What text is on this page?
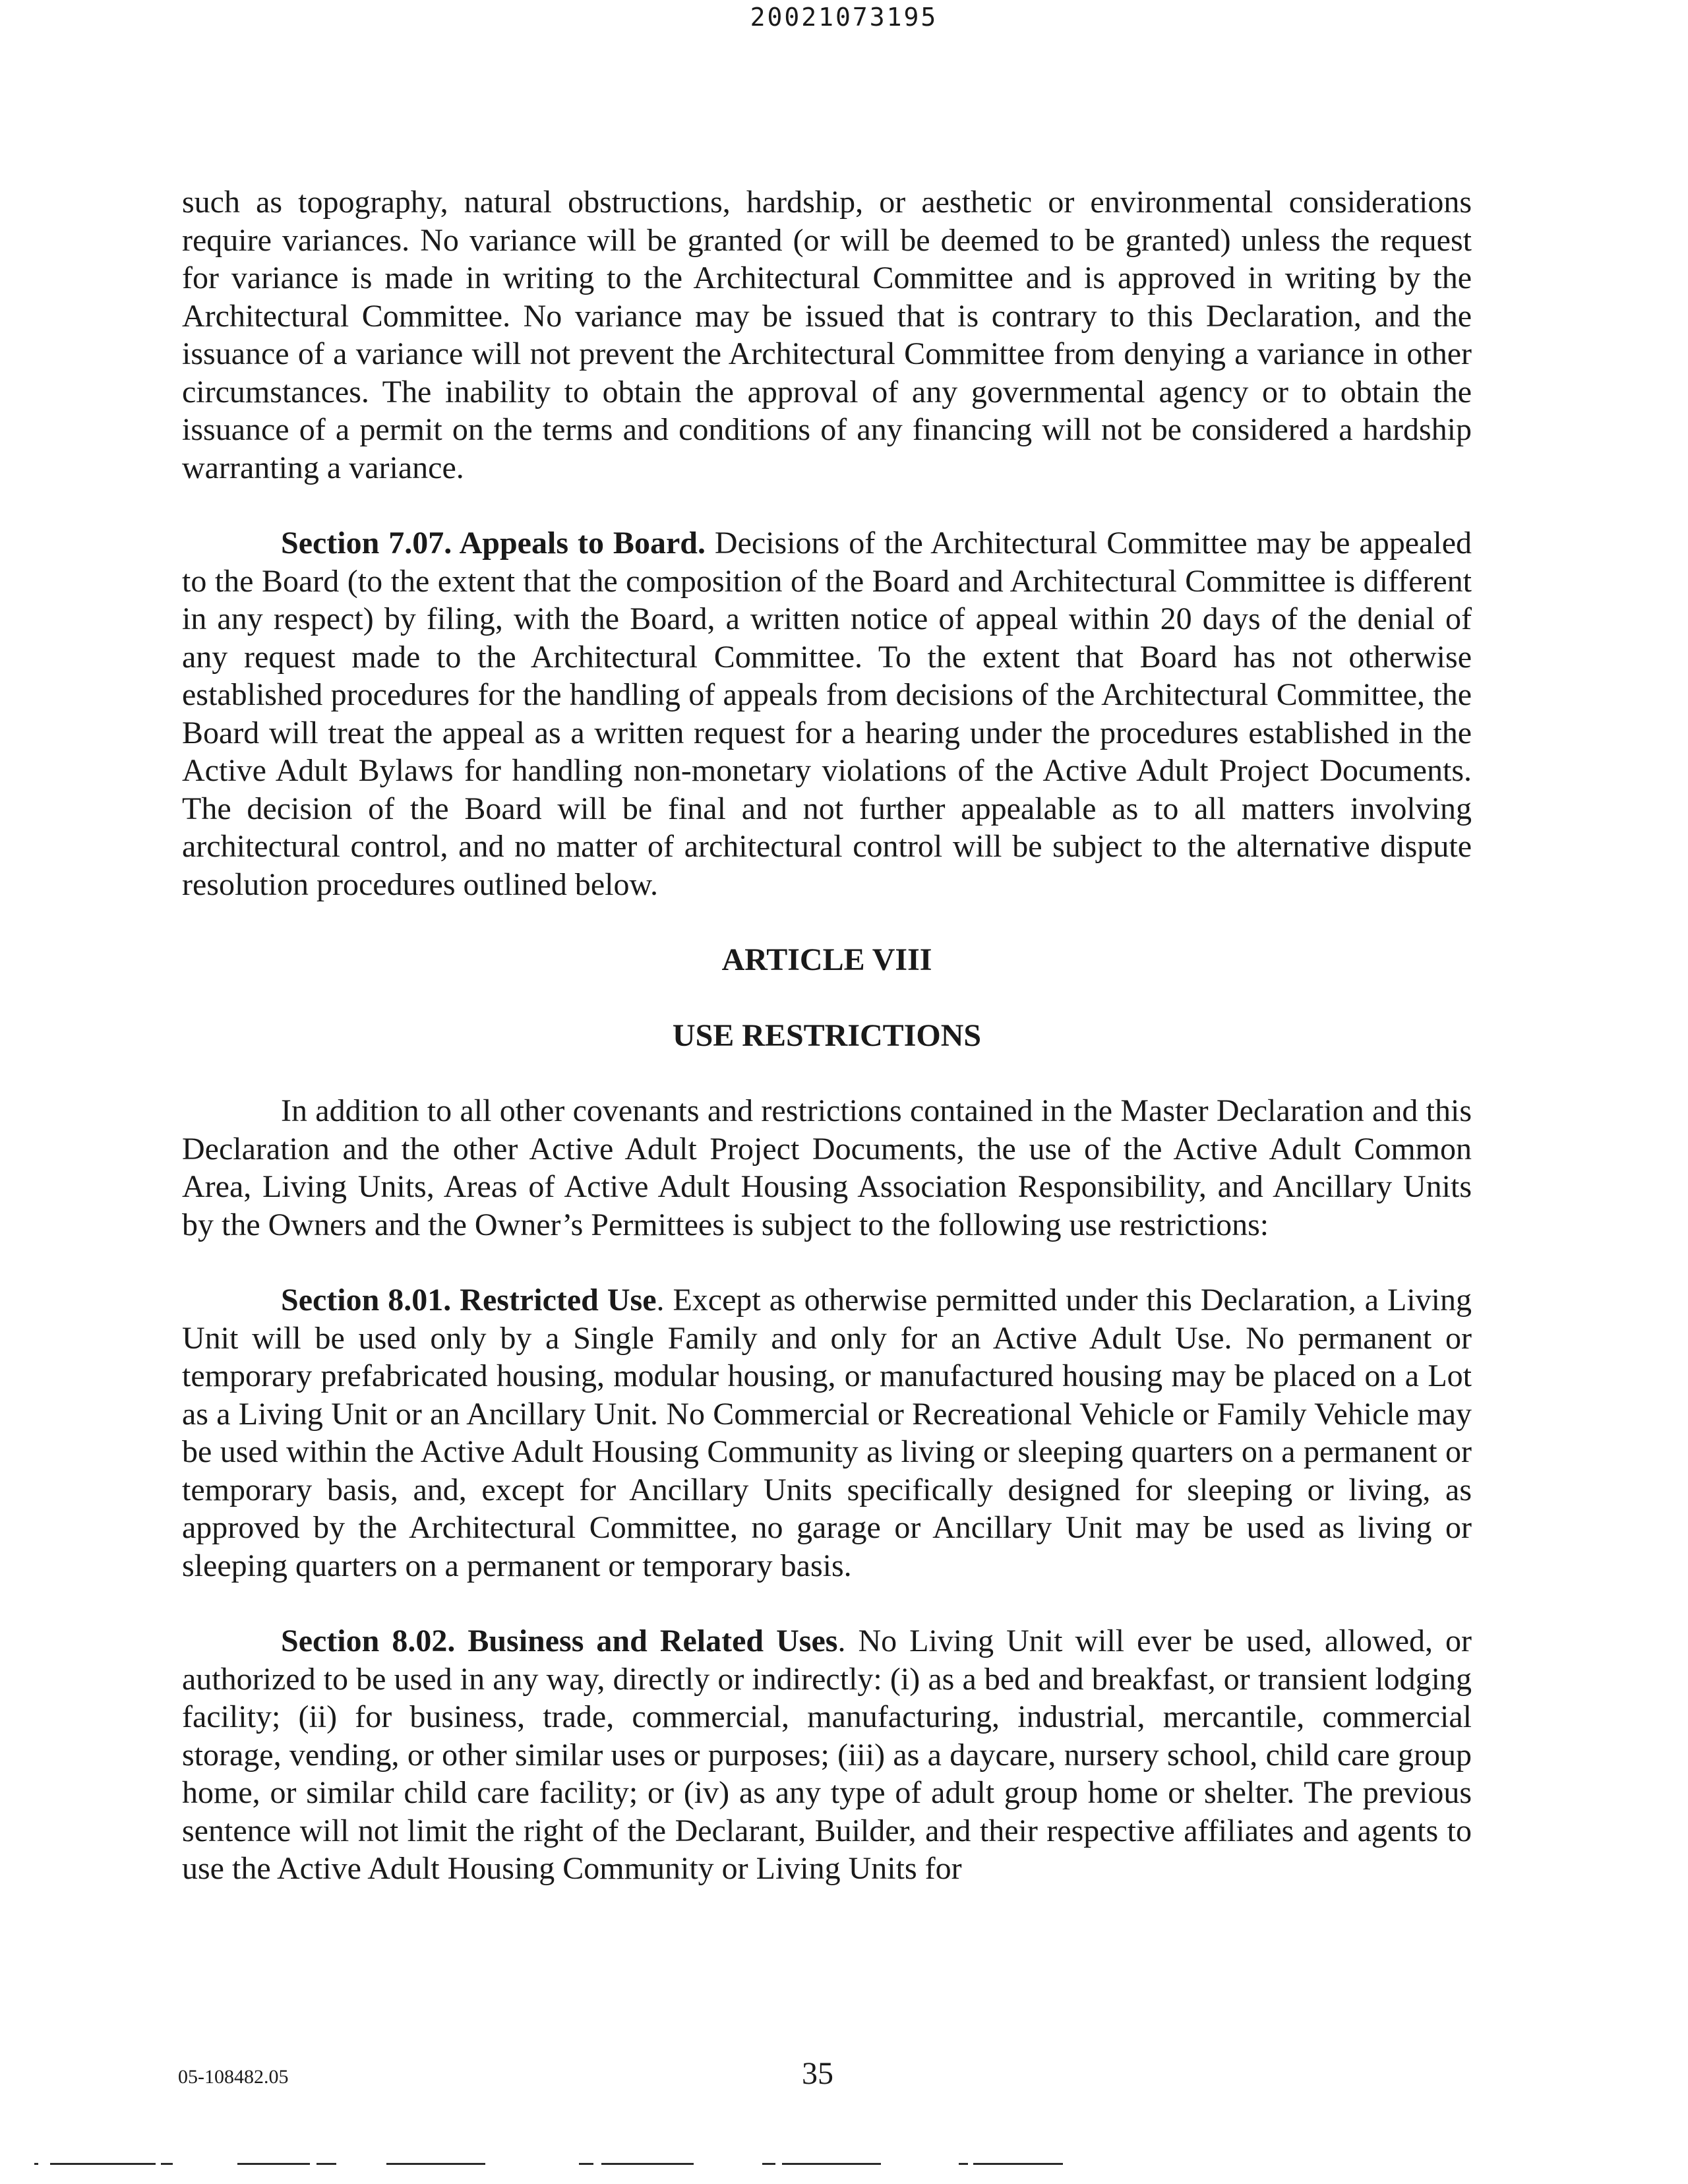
20021073195

such as topography, natural obstructions, hardship, or aesthetic or environmental considerations require variances. No variance will be granted (or will be deemed to be granted) unless the request for variance is made in writing to the Architectural Committee and is approved in writing by the Architectural Committee. No variance may be issued that is contrary to this Declaration, and the issuance of a variance will not prevent the Architectural Committee from denying a variance in other circumstances. The inability to obtain the approval of any governmental agency or to obtain the issuance of a permit on the terms and conditions of any financing will not be considered a hardship warranting a variance.

Section 7.07. Appeals to Board. Decisions of the Architectural Committee may be appealed to the Board (to the extent that the composition of the Board and Architectural Committee is different in any respect) by filing, with the Board, a written notice of appeal within 20 days of the denial of any request made to the Architectural Committee. To the extent that Board has not otherwise established procedures for the handling of appeals from decisions of the Architectural Committee, the Board will treat the appeal as a written request for a hearing under the procedures established in the Active Adult Bylaws for handling non-monetary violations of the Active Adult Project Documents. The decision of the Board will be final and not further appealable as to all matters involving architectural control, and no matter of architectural control will be subject to the alternative dispute resolution procedures outlined below.

ARTICLE VIII

USE RESTRICTIONS

In addition to all other covenants and restrictions contained in the Master Declaration and this Declaration and the other Active Adult Project Documents, the use of the Active Adult Common Area, Living Units, Areas of Active Adult Housing Association Responsibility, and Ancillary Units by the Owners and the Owner’s Permittees is subject to the following use restrictions:

Section 8.01. Restricted Use. Except as otherwise permitted under this Declaration, a Living Unit will be used only by a Single Family and only for an Active Adult Use. No permanent or temporary prefabricated housing, modular housing, or manufactured housing may be placed on a Lot as a Living Unit or an Ancillary Unit. No Commercial or Recreational Vehicle or Family Vehicle may be used within the Active Adult Housing Community as living or sleeping quarters on a permanent or temporary basis, and, except for Ancillary Units specifically designed for sleeping or living, as approved by the Architectural Committee, no garage or Ancillary Unit may be used as living or sleeping quarters on a permanent or temporary basis.

Section 8.02. Business and Related Uses. No Living Unit will ever be used, allowed, or authorized to be used in any way, directly or indirectly: (i) as a bed and breakfast, or transient lodging facility; (ii) for business, trade, commercial, manufacturing, industrial, mercantile, commercial storage, vending, or other similar uses or purposes; (iii) as a daycare, nursery school, child care group home, or similar child care facility; or (iv) as any type of adult group home or shelter. The previous sentence will not limit the right of the Declarant, Builder, and their respective affiliates and agents to use the Active Adult Housing Community or Living Units for

05-108482.05	35
